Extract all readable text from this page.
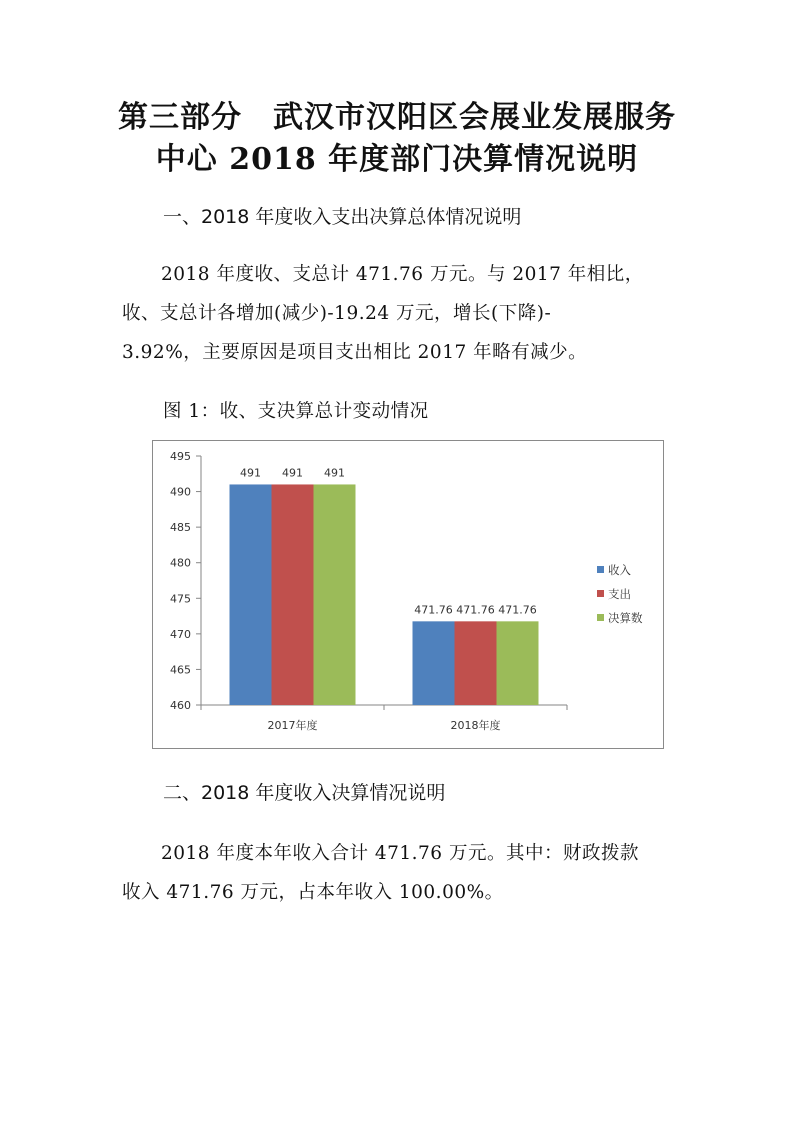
第三部分　武汉市汉阳区会展业发展服务
中心 2018 年度部门决算情况说明
一、2018 年度收入支出决算总体情况说明
2018 年度收、支总计 471.76 万元。与 2017 年相比，
收、支总计各增加(减少)-19.24 万元，增长(下降)-
3.92%，主要原因是项目支出相比 2017 年略有减少。
图 1：收、支决算总计变动情况
460
465
470
475
480
485
490
495
491 491 491
2017年度
471.76 471.76 471.76
2018年度
收入
支出
决算数
二、2018 年度收入决算情况说明
2018 年度本年收入合计 471.76 万元。其中：财政拨款
收入 471.76 万元，占本年收入 100.00%。
